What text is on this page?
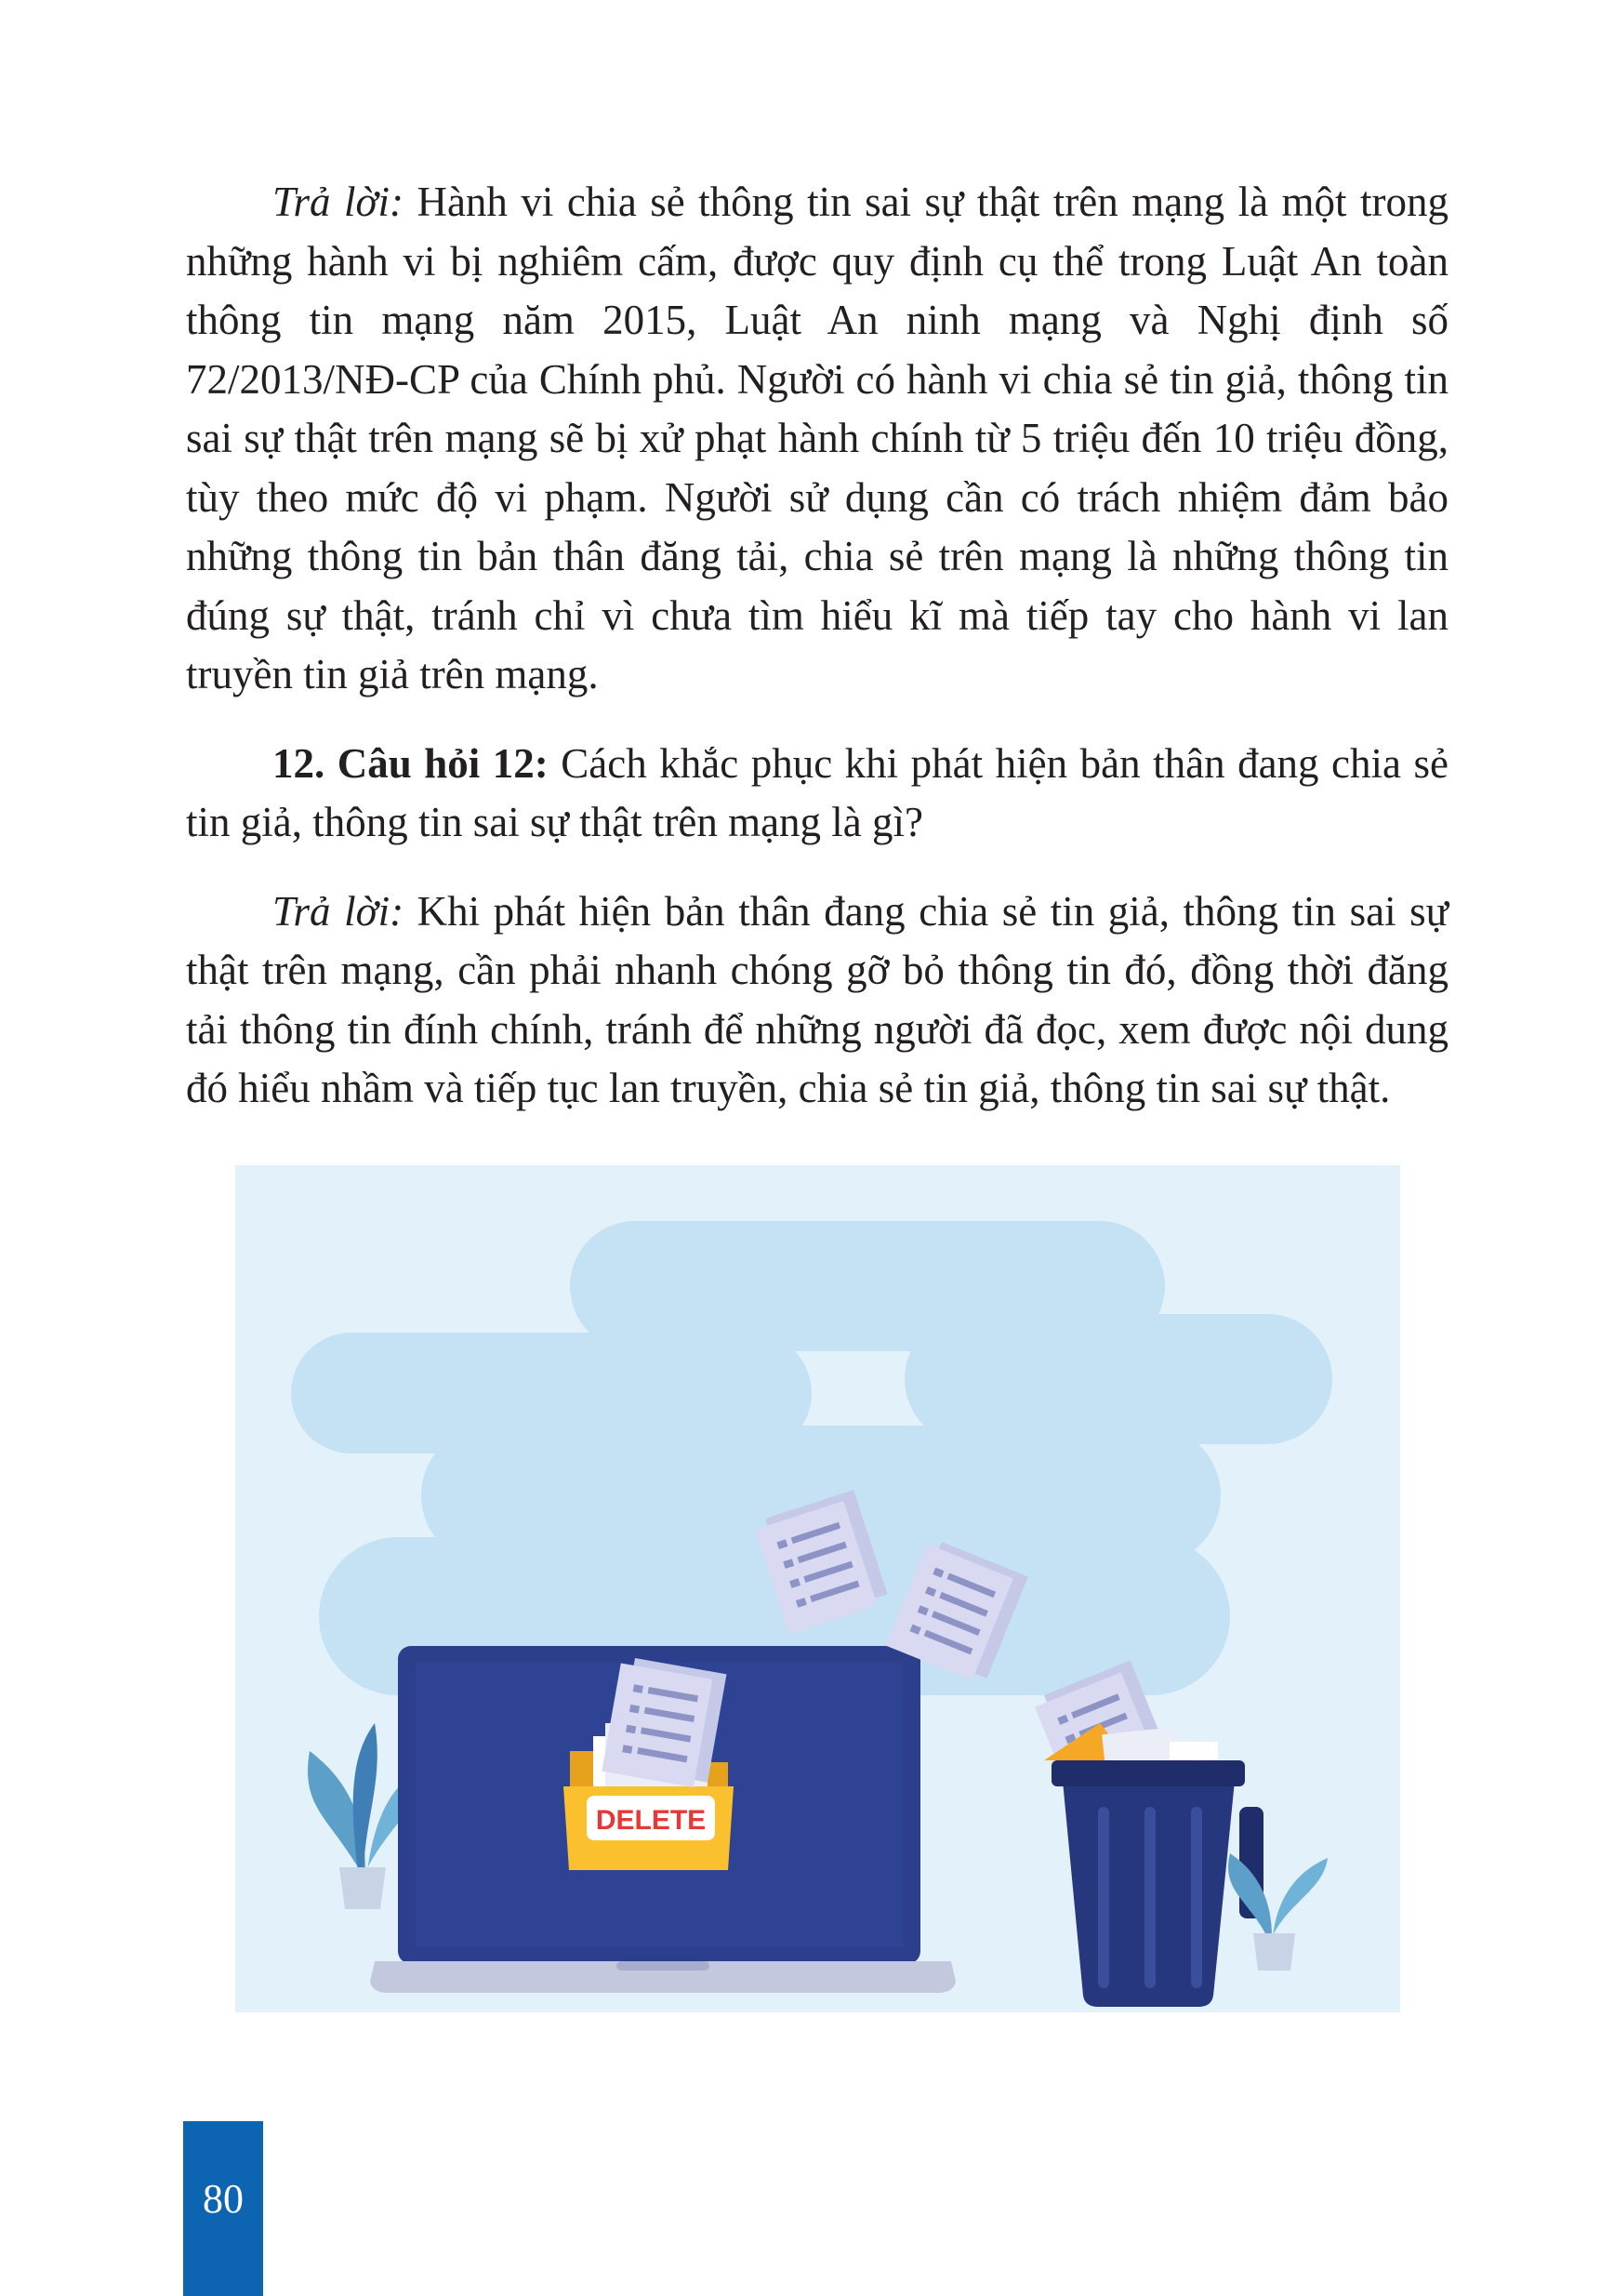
Trả lời: Hành vi chia sẻ thông tin sai sự thật trên mạng là một trong những hành vi bị nghiêm cấm, được quy định cụ thể trong Luật An toàn thông tin mạng năm 2015, Luật An ninh mạng và Nghị định số 72/2013/NĐ-CP của Chính phủ. Người có hành vi chia sẻ tin giả, thông tin sai sự thật trên mạng sẽ bị xử phạt hành chính từ 5 triệu đến 10 triệu đồng, tùy theo mức độ vi phạm. Người sử dụng cần có trách nhiệm đảm bảo những thông tin bản thân đăng tải, chia sẻ trên mạng là những thông tin đúng sự thật, tránh chỉ vì chưa tìm hiểu kĩ mà tiếp tay cho hành vi lan truyền tin giả trên mạng.

12. Câu hỏi 12: Cách khắc phục khi phát hiện bản thân đang chia sẻ tin giả, thông tin sai sự thật trên mạng là gì?

Trả lời: Khi phát hiện bản thân đang chia sẻ tin giả, thông tin sai sự thật trên mạng, cần phải nhanh chóng gỡ bỏ thông tin đó, đồng thời đăng tải thông tin đính chính, tránh để những người đã đọc, xem được nội dung đó hiểu nhầm và tiếp tục lan truyền, chia sẻ tin giả, thông tin sai sự thật.

DELETE
80
